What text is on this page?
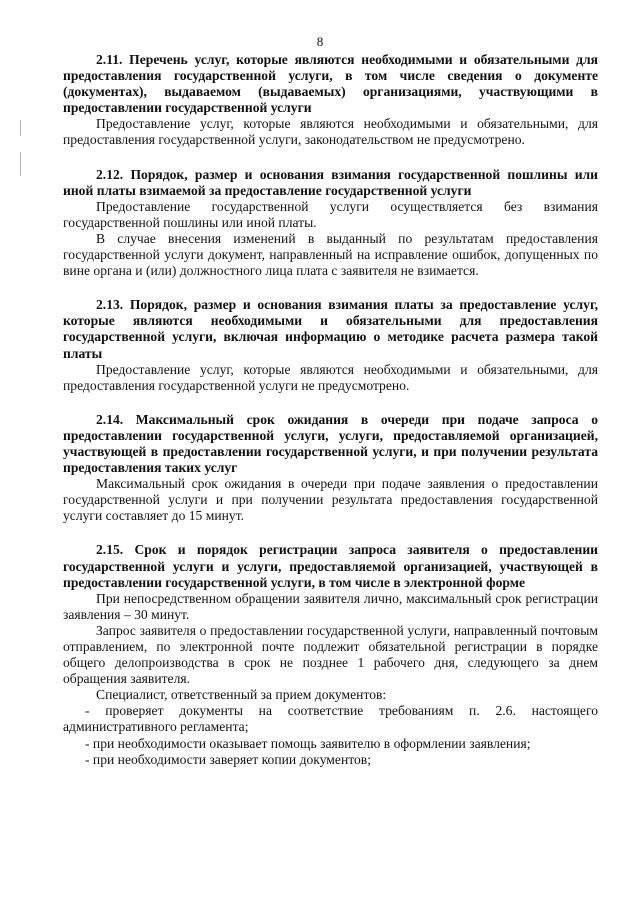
8

2.11. Перечень услуг, которые являются необходимыми и обязательными для предоставления государственной услуги, в том числе сведения о документе (документах), выдаваемом (выдаваемых) организациями, участвующими в предоставлении государственной услуги

Предоставление услуг, которые являются необходимыми и обязательными, для предоставления государственной услуги, законодательством не предусмотрено.

2.12. Порядок, размер и основания взимания государственной пошлины или иной платы взимаемой за предоставление государственной услуги

Предоставление государственной услуги осуществляется без взимания государственной пошлины или иной платы.

В случае внесения изменений в выданный по результатам предоставления государственной услуги документ, направленный на исправление ошибок, допущенных по вине органа и (или) должностного лица плата с заявителя не взимается.

2.13. Порядок, размер и основания взимания платы за предоставление услуг, которые являются необходимыми и обязательными для предоставления государственной услуги, включая информацию о методике расчета размера такой платы

Предоставление услуг, которые являются необходимыми и обязательными, для предоставления государственной услуги не предусмотрено.

2.14. Максимальный срок ожидания в очереди при подаче запроса о предоставлении государственной услуги, услуги, предоставляемой организацией, участвующей в предоставлении государственной услуги, и при получении результата предоставления таких услуг

Максимальный срок ожидания в очереди при подаче заявления о предоставлении государственной услуги и при получении результата предоставления государственной услуги составляет до 15 минут.

2.15. Срок и порядок регистрации запроса заявителя о предоставлении государственной услуги и услуги, предоставляемой организацией, участвующей в предоставлении государственной услуги, в том числе в электронной форме

При непосредственном обращении заявителя лично, максимальный срок регистрации заявления – 30 минут.

Запрос заявителя о предоставлении государственной услуги, направленный почтовым отправлением, по электронной почте подлежит обязательной регистрации в порядке общего делопроизводства в срок не позднее 1 рабочего дня, следующего за днем обращения заявителя.

Специалист, ответственный за прием документов:

- проверяет документы на соответствие требованиям п. 2.6. настоящего административного регламента;

- при необходимости оказывает помощь заявителю в оформлении заявления;

- при необходимости заверяет копии документов;
